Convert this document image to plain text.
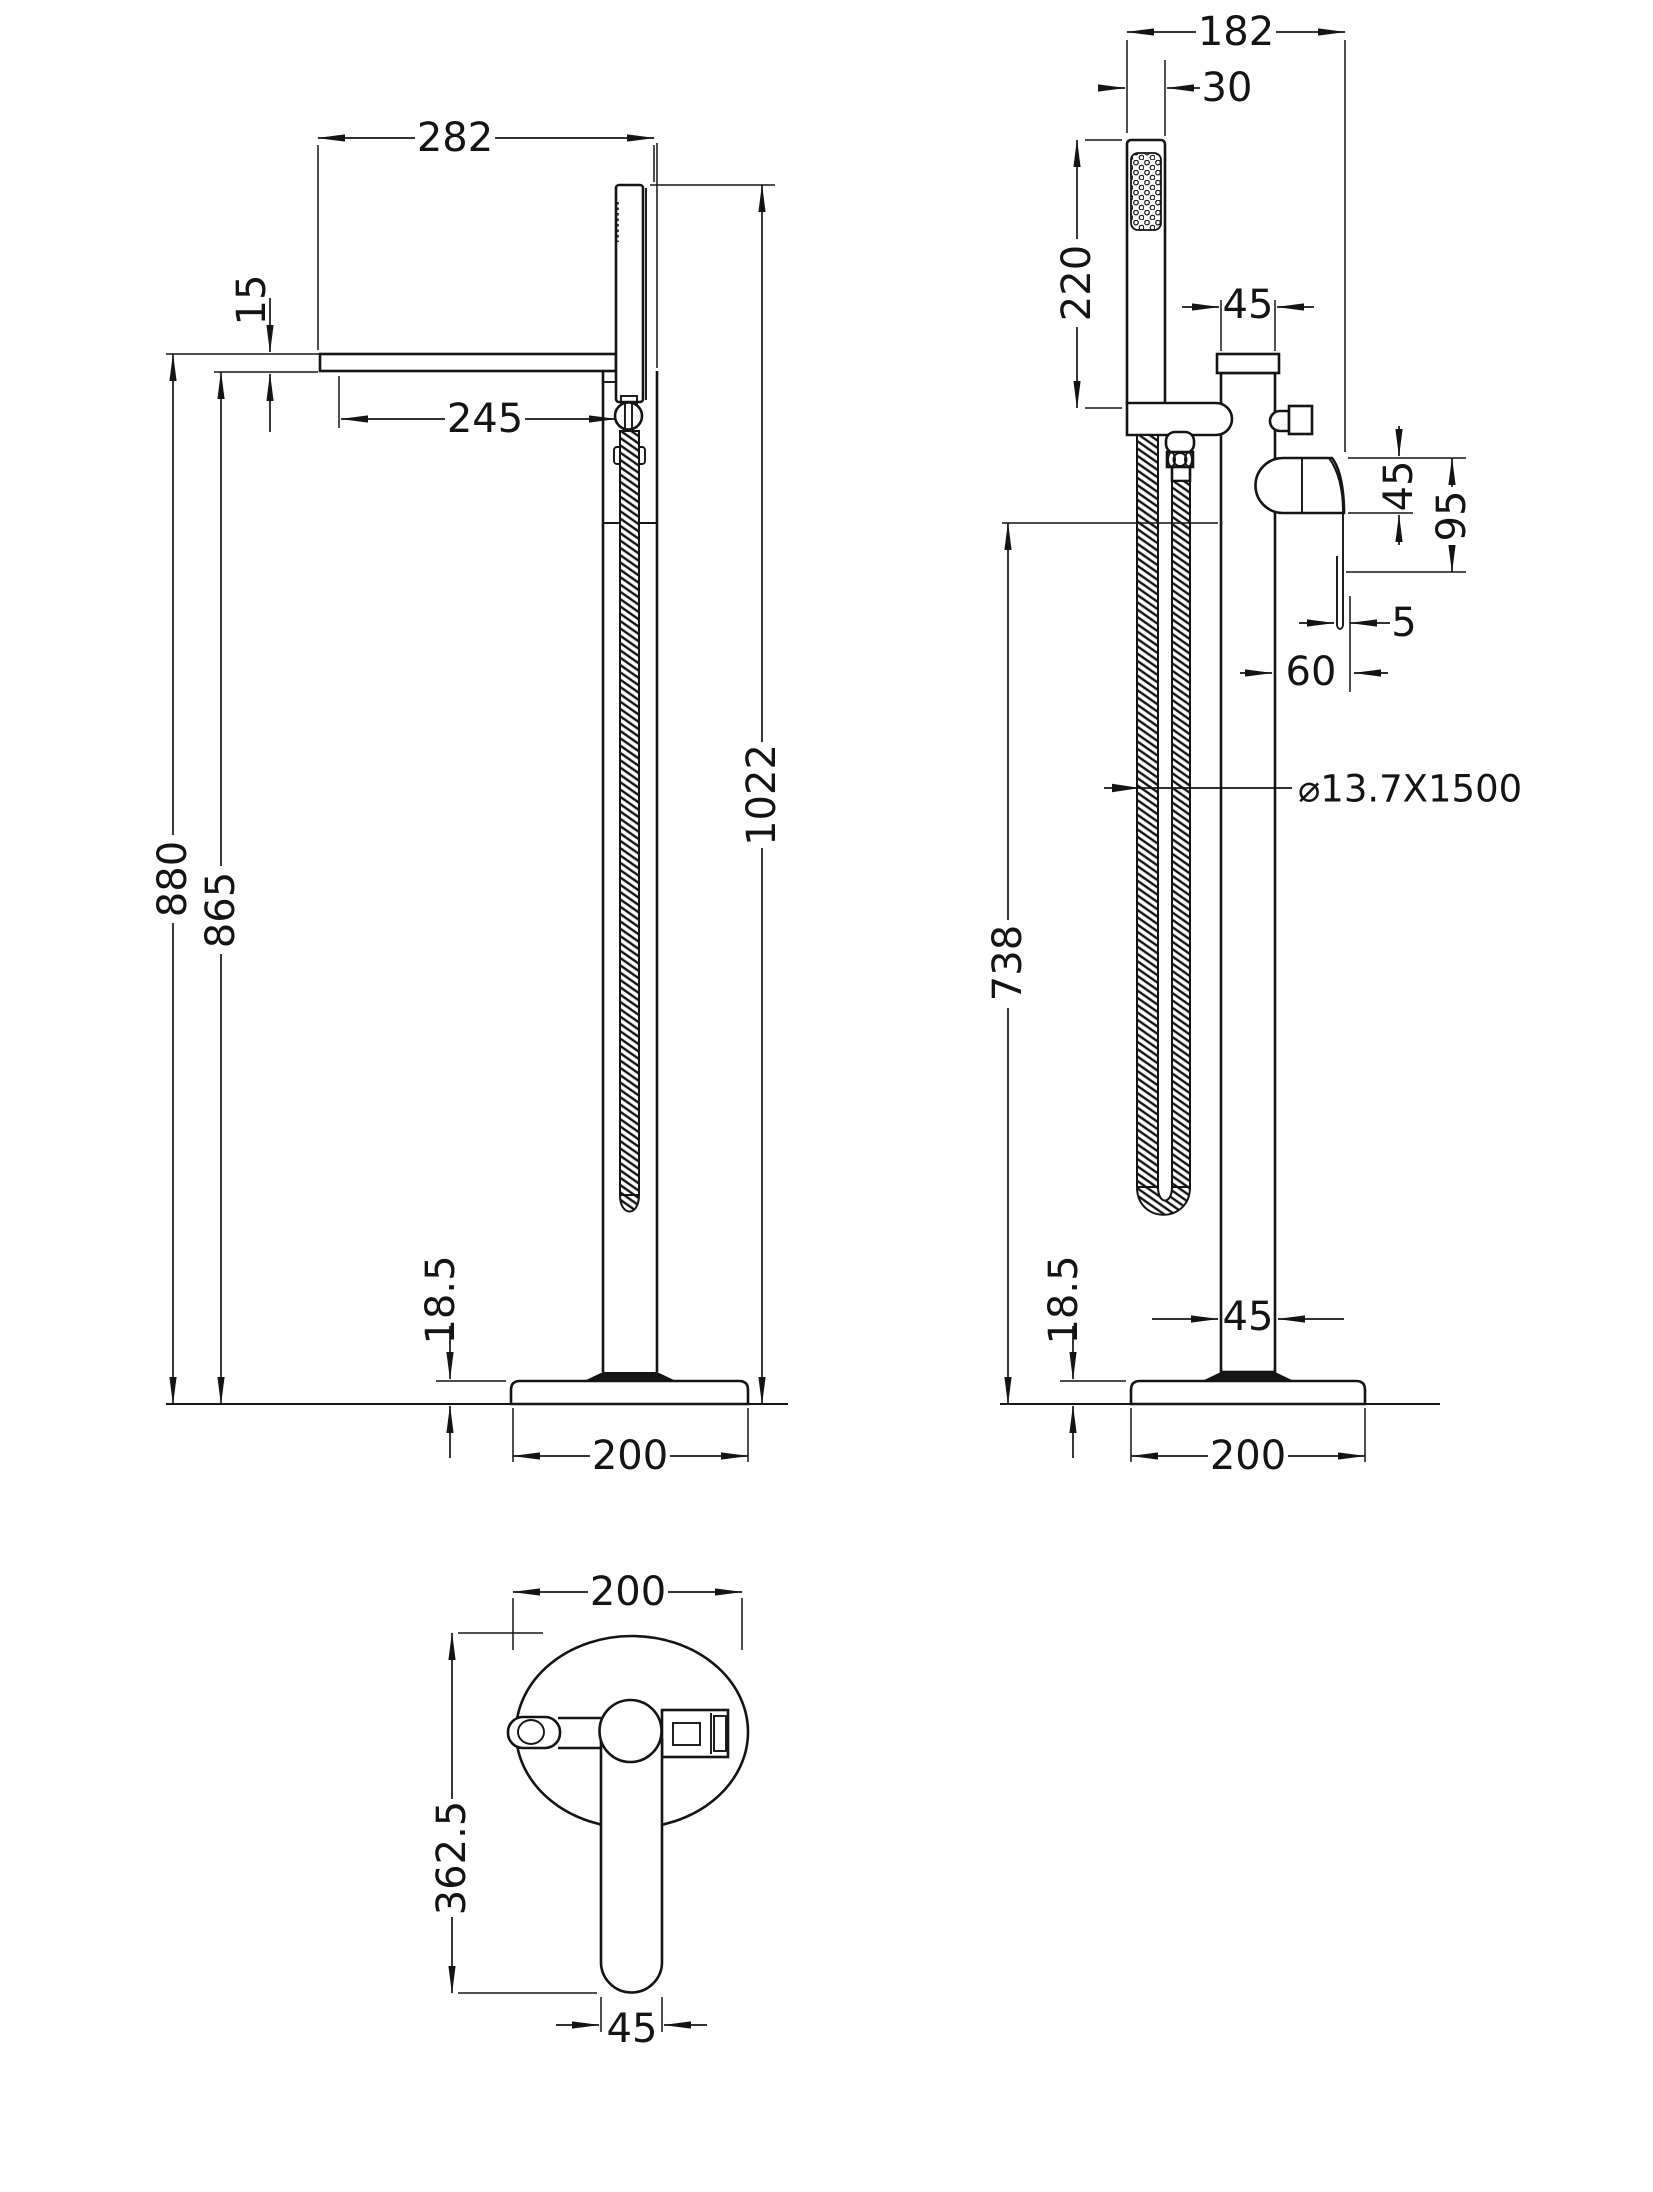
282
15
245
880 865
1022
18.5
200
182
30
220	45
45
95
5
60
⌀13.7X1500
738
18.5	45
200
200
362.5
45
